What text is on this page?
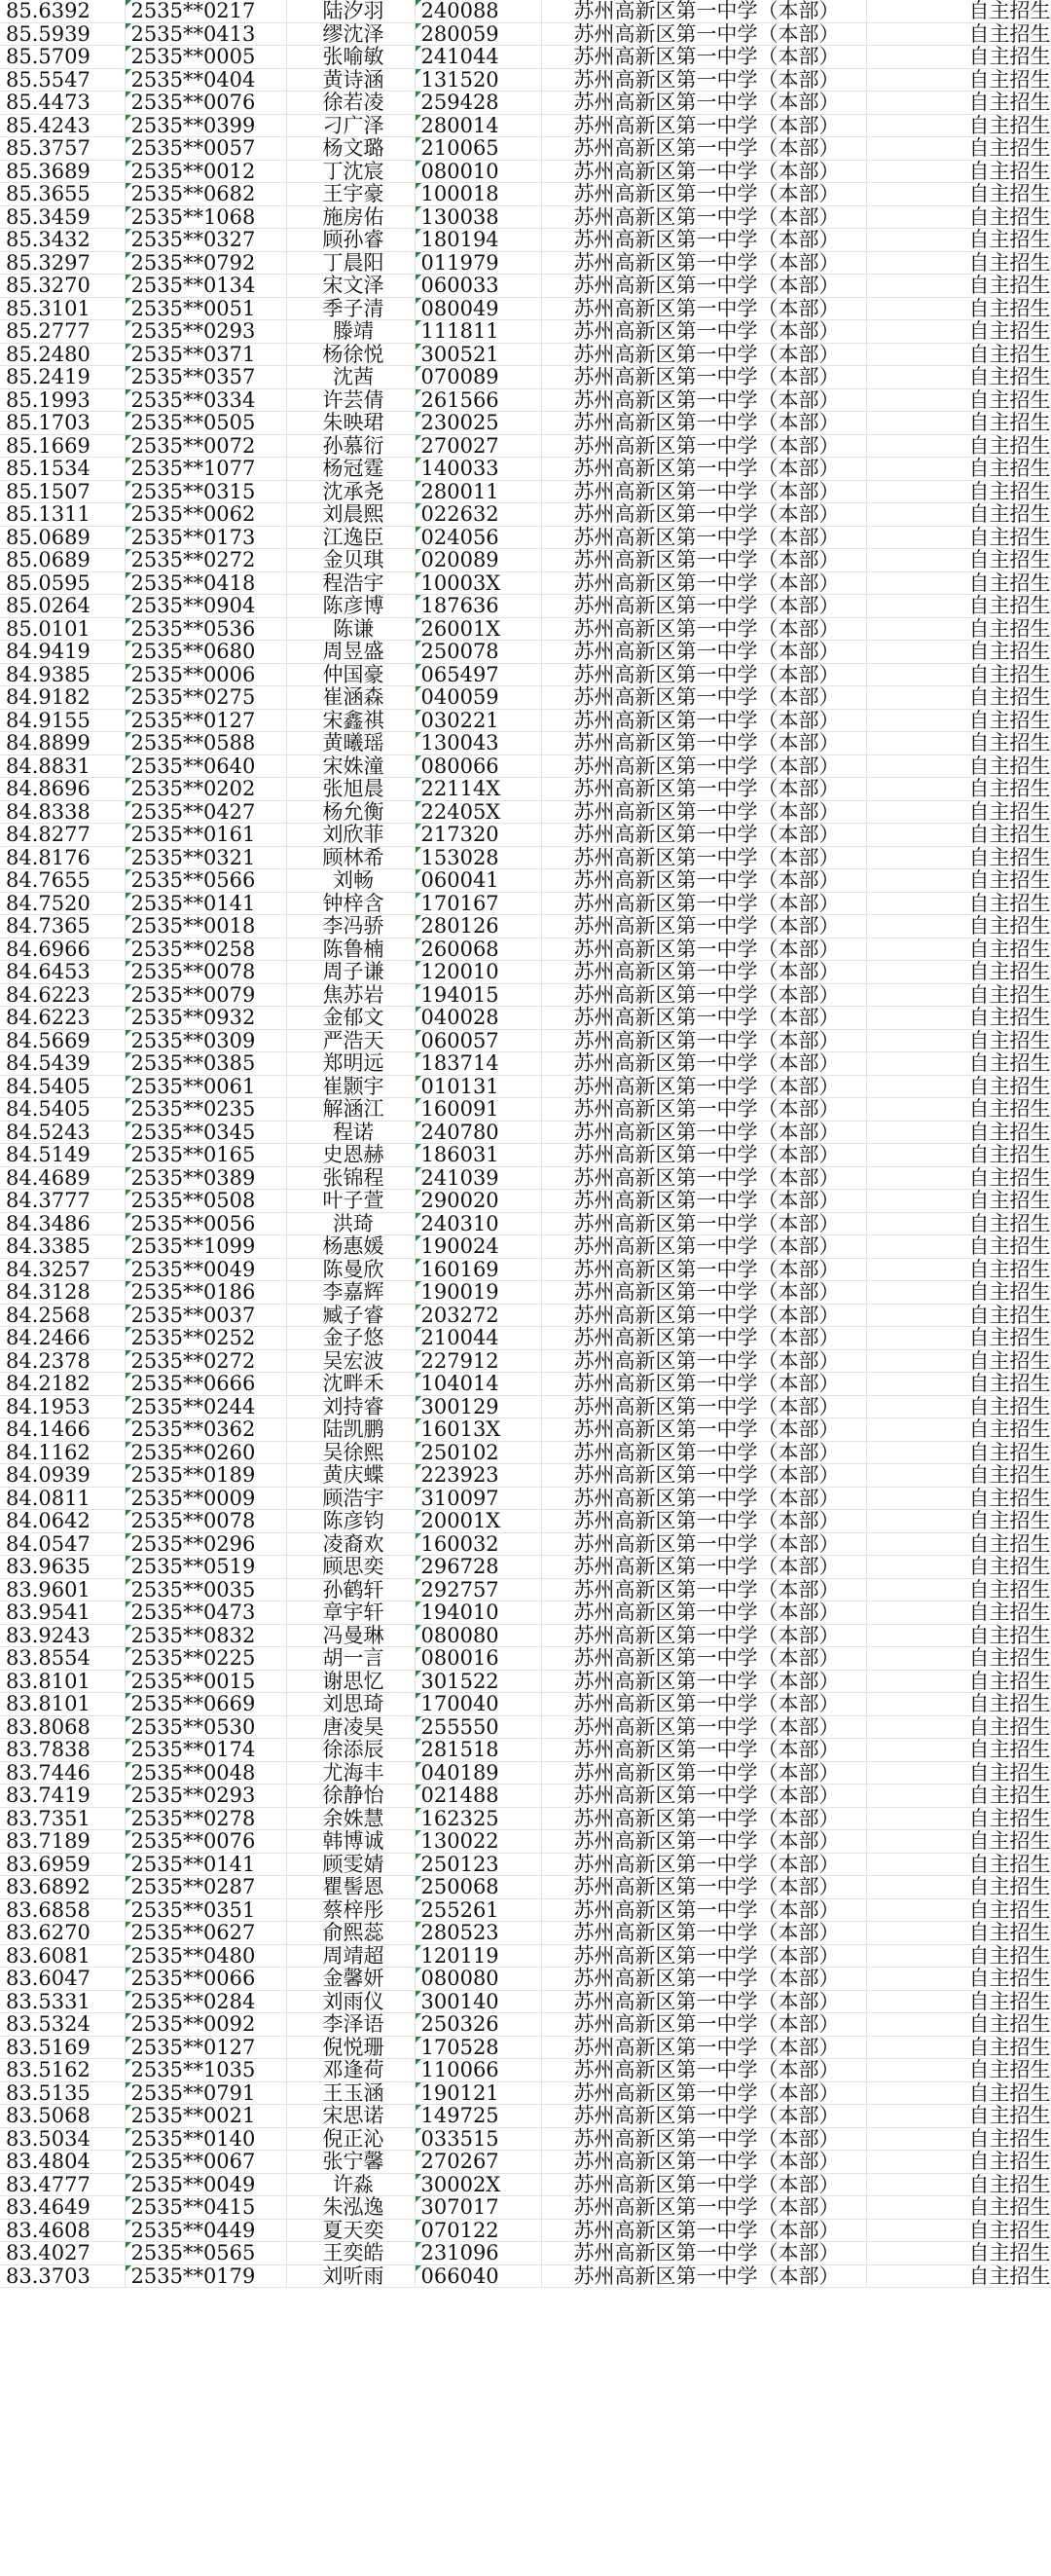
85.6392	2535**0217	陆汐羽	240088	苏州高新区第一中学（本部）	自主招生
85.5939	2535**0413	缪沈泽	280059	苏州高新区第一中学（本部）	自主招生
85.5709	2535**0005	张喻敏	241044	苏州高新区第一中学（本部）	自主招生
85.5547	2535**0404	黄诗涵	131520	苏州高新区第一中学（本部）	自主招生
85.4473	2535**0076	徐若凌	259428	苏州高新区第一中学（本部）	自主招生
85.4243	2535**0399	刁广泽	280014	苏州高新区第一中学（本部）	自主招生
85.3757	2535**0057	杨文璐	210065	苏州高新区第一中学（本部）	自主招生
85.3689	2535**0012	丁沈宸	080010	苏州高新区第一中学（本部）	自主招生
85.3655	2535**0682	王宇豪	100018	苏州高新区第一中学（本部）	自主招生
85.3459	2535**1068	施房佑	130038	苏州高新区第一中学（本部）	自主招生
85.3432	2535**0327	顾孙睿	180194	苏州高新区第一中学（本部）	自主招生
85.3297	2535**0792	丁晨阳	011979	苏州高新区第一中学（本部）	自主招生
85.3270	2535**0134	宋文泽	060033	苏州高新区第一中学（本部）	自主招生
85.3101	2535**0051	季子清	080049	苏州高新区第一中学（本部）	自主招生
85.2777	2535**0293	滕靖	111811	苏州高新区第一中学（本部）	自主招生
85.2480	2535**0371	杨徐悦	300521	苏州高新区第一中学（本部）	自主招生
85.2419	2535**0357	沈茜	070089	苏州高新区第一中学（本部）	自主招生
85.1993	2535**0334	许芸倩	261566	苏州高新区第一中学（本部）	自主招生
85.1703	2535**0505	朱映珺	230025	苏州高新区第一中学（本部）	自主招生
85.1669	2535**0072	孙慕衍	270027	苏州高新区第一中学（本部）	自主招生
85.1534	2535**1077	杨冠霆	140033	苏州高新区第一中学（本部）	自主招生
85.1507	2535**0315	沈承尧	280011	苏州高新区第一中学（本部）	自主招生
85.1311	2535**0062	刘晨熙	022632	苏州高新区第一中学（本部）	自主招生
85.0689	2535**0173	江逸臣	024056	苏州高新区第一中学（本部）	自主招生
85.0689	2535**0272	金贝琪	020089	苏州高新区第一中学（本部）	自主招生
85.0595	2535**0418	程浩宇	10003X	苏州高新区第一中学（本部）	自主招生
85.0264	2535**0904	陈彦博	187636	苏州高新区第一中学（本部）	自主招生
85.0101	2535**0536	陈谦	26001X	苏州高新区第一中学（本部）	自主招生
84.9419	2535**0680	周昱盛	250078	苏州高新区第一中学（本部）	自主招生
84.9385	2535**0006	仲国豪	065497	苏州高新区第一中学（本部）	自主招生
84.9182	2535**0275	崔涵森	040059	苏州高新区第一中学（本部）	自主招生
84.9155	2535**0127	宋鑫祺	030221	苏州高新区第一中学（本部）	自主招生
84.8899	2535**0588	黄曦瑶	130043	苏州高新区第一中学（本部）	自主招生
84.8831	2535**0640	宋姝潼	080066	苏州高新区第一中学（本部）	自主招生
84.8696	2535**0202	张旭晨	22114X	苏州高新区第一中学（本部）	自主招生
84.8338	2535**0427	杨允衡	22405X	苏州高新区第一中学（本部）	自主招生
84.8277	2535**0161	刘欣菲	217320	苏州高新区第一中学（本部）	自主招生
84.8176	2535**0321	顾林希	153028	苏州高新区第一中学（本部）	自主招生
84.7655	2535**0566	刘畅	060041	苏州高新区第一中学（本部）	自主招生
84.7520	2535**0141	钟梓含	170167	苏州高新区第一中学（本部）	自主招生
84.7365	2535**0018	李冯骄	280126	苏州高新区第一中学（本部）	自主招生
84.6966	2535**0258	陈鲁楠	260068	苏州高新区第一中学（本部）	自主招生
84.6453	2535**0078	周子谦	120010	苏州高新区第一中学（本部）	自主招生
84.6223	2535**0079	焦苏岩	194015	苏州高新区第一中学（本部）	自主招生
84.6223	2535**0932	金郁文	040028	苏州高新区第一中学（本部）	自主招生
84.5669	2535**0309	严浩天	060057	苏州高新区第一中学（本部）	自主招生
84.5439	2535**0385	郑明远	183714	苏州高新区第一中学（本部）	自主招生
84.5405	2535**0061	崔颢宇	010131	苏州高新区第一中学（本部）	自主招生
84.5405	2535**0235	解涵江	160091	苏州高新区第一中学（本部）	自主招生
84.5243	2535**0345	程诺	240780	苏州高新区第一中学（本部）	自主招生
84.5149	2535**0165	史恩赫	186031	苏州高新区第一中学（本部）	自主招生
84.4689	2535**0389	张锦程	241039	苏州高新区第一中学（本部）	自主招生
84.3777	2535**0508	叶子萱	290020	苏州高新区第一中学（本部）	自主招生
84.3486	2535**0056	洪琦	240310	苏州高新区第一中学（本部）	自主招生
84.3385	2535**1099	杨惠媛	190024	苏州高新区第一中学（本部）	自主招生
84.3257	2535**0049	陈曼欣	160169	苏州高新区第一中学（本部）	自主招生
84.3128	2535**0186	李嘉辉	190019	苏州高新区第一中学（本部）	自主招生
84.2568	2535**0037	臧子睿	203272	苏州高新区第一中学（本部）	自主招生
84.2466	2535**0252	金子悠	210044	苏州高新区第一中学（本部）	自主招生
84.2378	2535**0272	吴宏波	227912	苏州高新区第一中学（本部）	自主招生
84.2182	2535**0666	沈畔禾	104014	苏州高新区第一中学（本部）	自主招生
84.1953	2535**0244	刘持睿	300129	苏州高新区第一中学（本部）	自主招生
84.1466	2535**0362	陆凯鹏	16013X	苏州高新区第一中学（本部）	自主招生
84.1162	2535**0260	吴徐熙	250102	苏州高新区第一中学（本部）	自主招生
84.0939	2535**0189	黄庆蝶	223923	苏州高新区第一中学（本部）	自主招生
84.0811	2535**0009	顾浩宇	310097	苏州高新区第一中学（本部）	自主招生
84.0642	2535**0078	陈彦钧	20001X	苏州高新区第一中学（本部）	自主招生
84.0547	2535**0296	凌裔欢	160032	苏州高新区第一中学（本部）	自主招生
83.9635	2535**0519	顾思奕	296728	苏州高新区第一中学（本部）	自主招生
83.9601	2535**0035	孙鹤轩	292757	苏州高新区第一中学（本部）	自主招生
83.9541	2535**0473	章宇轩	194010	苏州高新区第一中学（本部）	自主招生
83.9243	2535**0832	冯曼琳	080080	苏州高新区第一中学（本部）	自主招生
83.8554	2535**0225	胡一言	080016	苏州高新区第一中学（本部）	自主招生
83.8101	2535**0015	谢思忆	301522	苏州高新区第一中学（本部）	自主招生
83.8101	2535**0669	刘思琦	170040	苏州高新区第一中学（本部）	自主招生
83.8068	2535**0530	唐凌昊	255550	苏州高新区第一中学（本部）	自主招生
83.7838	2535**0174	徐添辰	281518	苏州高新区第一中学（本部）	自主招生
83.7446	2535**0048	尤海丰	040189	苏州高新区第一中学（本部）	自主招生
83.7419	2535**0293	徐静怡	021488	苏州高新区第一中学（本部）	自主招生
83.7351	2535**0278	余姝慧	162325	苏州高新区第一中学（本部）	自主招生
83.7189	2535**0076	韩博诚	130022	苏州高新区第一中学（本部）	自主招生
83.6959	2535**0141	顾雯婧	250123	苏州高新区第一中学（本部）	自主招生
83.6892	2535**0287	瞿髻恩	250068	苏州高新区第一中学（本部）	自主招生
83.6858	2535**0351	蔡梓彤	255261	苏州高新区第一中学（本部）	自主招生
83.6270	2535**0627	俞熙蕊	280523	苏州高新区第一中学（本部）	自主招生
83.6081	2535**0480	周靖超	120119	苏州高新区第一中学（本部）	自主招生
83.6047	2535**0066	金馨妍	080080	苏州高新区第一中学（本部）	自主招生
83.5331	2535**0284	刘雨仪	300140	苏州高新区第一中学（本部）	自主招生
83.5324	2535**0092	李泽语	250326	苏州高新区第一中学（本部）	自主招生
83.5169	2535**0127	倪悦珊	170528	苏州高新区第一中学（本部）	自主招生
83.5162	2535**1035	邓逢荷	110066	苏州高新区第一中学（本部）	自主招生
83.5135	2535**0791	王玉涵	190121	苏州高新区第一中学（本部）	自主招生
83.5068	2535**0021	宋思诺	149725	苏州高新区第一中学（本部）	自主招生
83.5034	2535**0140	倪正沁	033515	苏州高新区第一中学（本部）	自主招生
83.4804	2535**0067	张宁馨	270267	苏州高新区第一中学（本部）	自主招生
83.4777	2535**0049	许淼	30002X	苏州高新区第一中学（本部）	自主招生
83.4649	2535**0415	朱泓逸	307017	苏州高新区第一中学（本部）	自主招生
83.4608	2535**0449	夏天奕	070122	苏州高新区第一中学（本部）	自主招生
83.4027	2535**0565	王奕皓	231096	苏州高新区第一中学（本部）	自主招生
83.3703	2535**0179	刘听雨	066040	苏州高新区第一中学（本部）	自主招生
